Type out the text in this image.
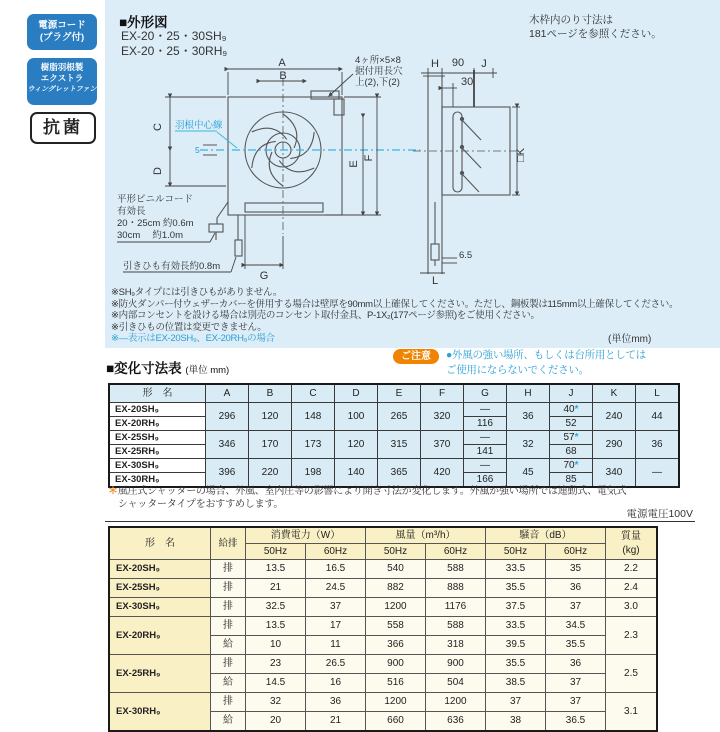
電源コード
(プラグ付)
樹脂羽根製
エクストラ
ウィングレットファン
抗菌
■外形図
EX-20・25・30SH₉
EX-20・25・30RH₉
木枠内のり寸法は
181ページを参照ください。
A
B
C
D
E
F
G
4ヶ所×5×8
据付用長穴
上(2),下(2)
羽根中心線
5
平形ビニルコード
有効長
20・25cm 約0.6m
30cm　 約1.0m
引きひも有効長約0.8m
H 90 J
30
□K
6.5
L
※SH₉タイプには引きひもがありません。
※防火ダンパー付ウェザーカバーを併用する場合は壁厚を90mm以上確保してください。ただし、鋼板製は115mm以上確保してください。
※内部コンセントを設ける場合は別売のコンセント取付金具、P-1X₂(177ページ参照)をご使用ください。
※引きひもの位置は変更できません。
※―表示はEX-20SH₉、EX-20RH₉の場合	(単位mm)
ご注意	●外風の強い場所、もしくは台所用としては
ご使用にならないでください。
■変化寸法表 (単位 mm)
形　名	A	B	C	D	E	F	G	H	J	K	L
EX-20SH₉	296	120	148	100	265	320	―	36	40*	240	44
EX-20RH₉							116		52		
EX-25SH₉	346	170	173	120	315	370	―	32	57*	290	36
EX-25RH₉							141		68		
EX-30SH₉	396	220	198	140	365	420	―	45	70*	340	―
EX-30RH₉							166		85		
＊風圧式シャッターの場合、外風、室内圧等の影響により開き寸法が変化します。外風が強い場所では連動式、電気式
シャッタータイプをおすすめします。
電源電圧100V
形　名	給排	消費電力（W）		風量（m³/h）		騒音（dB）		質量
(kg)

		50Hz	60Hz	50Hz	60Hz	50Hz	60Hz	
EX-20SH₉	排	13.5	16.5	540	588	33.5	35	2.2
EX-25SH₉	排	21	24.5	882	888	35.5	36	2.4
EX-30SH₉	排	32.5	37	1200	1176	37.5	37	3.0
EX-20RH₉	排	13.5	17	558	588	33.5	34.5	2.3
	給	10	11	366	318	39.5	35.5	
EX-25RH₉	排	23	26.5	900	900	35.5	36	2.5
	給	14.5	16	516	504	38.5	37	
EX-30RH₉	排	32	36	1200	1200	37	37	3.1
	給	20	21	660	636	38	36.5	
